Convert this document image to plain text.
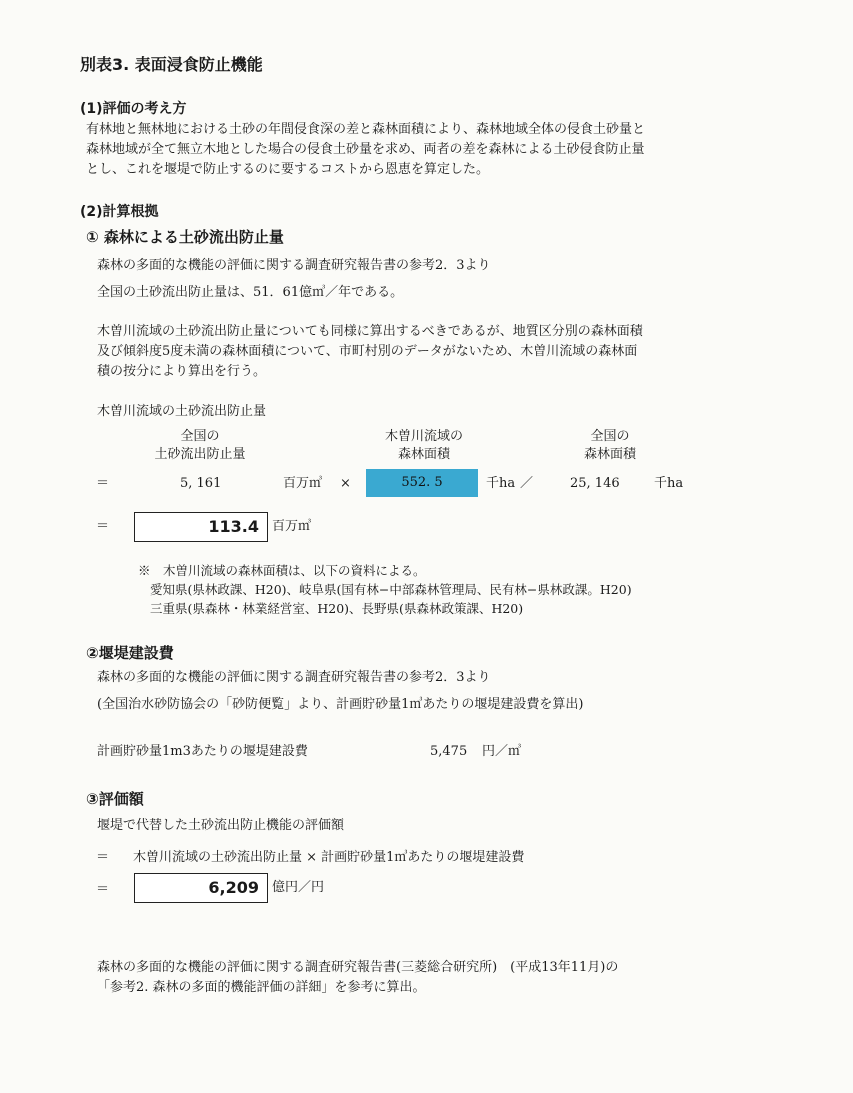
別表3. 表面浸食防止機能
(1)評価の考え方
有林地と無林地における土砂の年間侵食深の差と森林面積により、森林地域全体の侵食土砂量と
森林地域が全て無立木地とした場合の侵食土砂量を求め、両者の差を森林による土砂侵食防止量
とし、これを堰堤で防止するのに要するコストから恩恵を算定した。
(2)計算根拠
① 森林による土砂流出防止量
森林の多面的な機能の評価に関する調査研究報告書の参考2．3より
全国の土砂流出防止量は、51．61億㎥／年である。
木曽川流域の土砂流出防止量についても同様に算出するべきであるが、地質区分別の森林面積
及び傾斜度5度未満の森林面積について、市町村別のデータがないため、木曽川流域の森林面
積の按分により算出を行う。
木曽川流域の土砂流出防止量
全国の
土砂流出防止量
木曽川流域の
森林面積
全国の
森林面積
＝	5, 161	百万㎥ ×	552. 5	千ha ／	25, 146	千ha
＝	113.4	百万㎥
※　木曽川流域の森林面積は、以下の資料による。
愛知県(県林政課、H20)、岐阜県(国有林−中部森林管理局、民有林−県林政課。H20)
三重県(県森林・林業経営室、H20)、長野県(県森林政策課、H20)
②堰堤建設費
森林の多面的な機能の評価に関する調査研究報告書の参考2．3より
(全国治水砂防協会の「砂防便覧」より、計画貯砂量1㎥あたりの堰堤建設費を算出)
計画貯砂量1m3あたりの堰堤建設費	5,475 円／㎥
③評価額
堰堤で代替した土砂流出防止機能の評価額
＝ 木曽川流域の土砂流出防止量 × 計画貯砂量1㎥あたりの堰堤建設費
＝	6,209	億円／円
森林の多面的な機能の評価に関する調査研究報告書(三菱総合研究所)　(平成13年11月)の
「参考2. 森林の多面的機能評価の詳細」を参考に算出。
